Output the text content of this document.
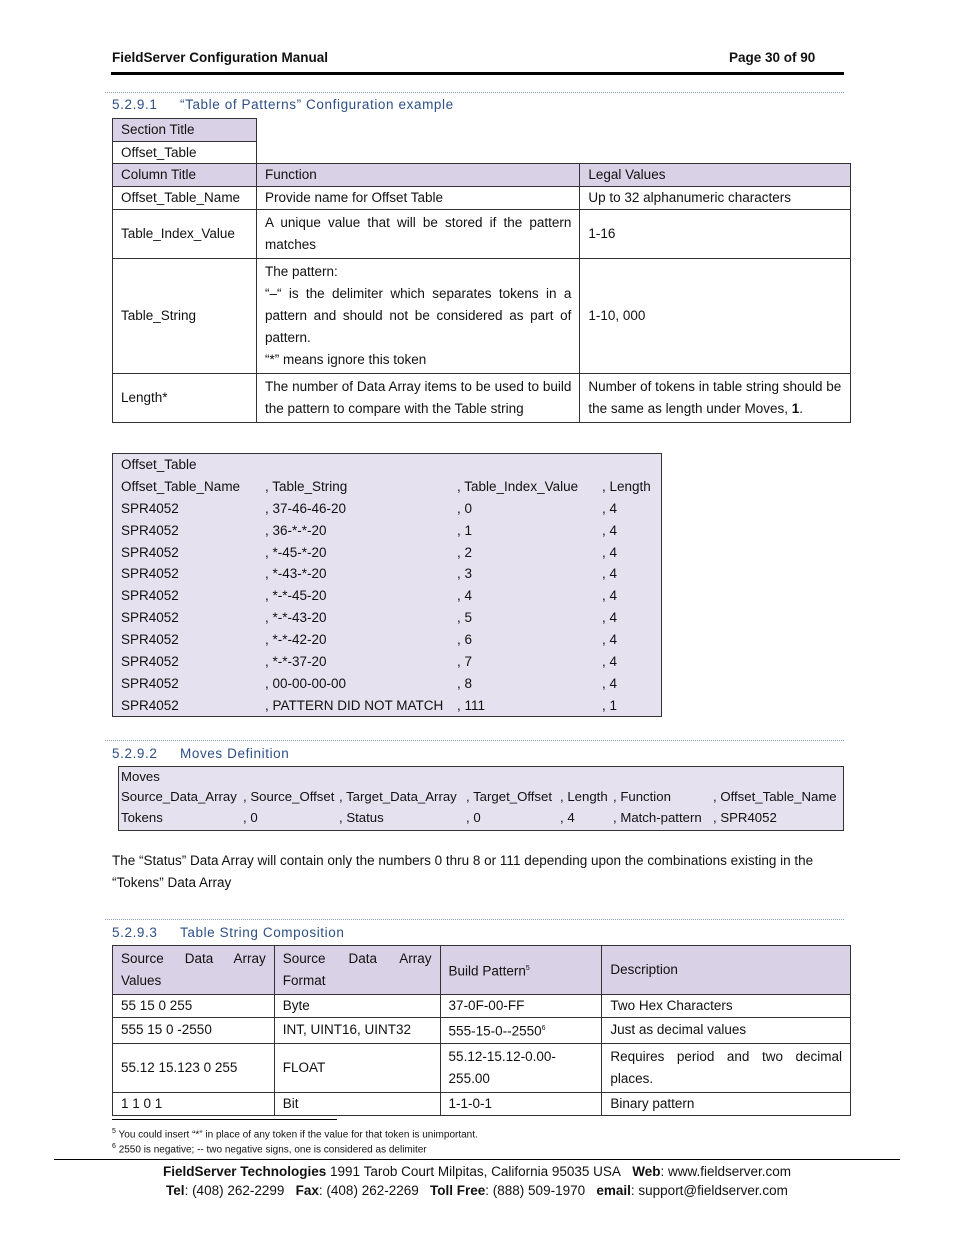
FieldServer Configuration Manual	Page 30 of 90
5.2.9.1 “Table of Patterns” Configuration example
Section Title
Offset_Table
Column Title	Function	Legal Values
Offset_Table_Name	Provide name for Offset Table	Up to 32 alphanumeric characters
Table_Index_Value	A unique value that will be stored if the pattern matches	1-16
Table_String	The pattern:
“–“ is the delimiter which separates tokens in a pattern and should not be considered as part of pattern.
“*” means ignore this token	1-10, 000
Length*	The number of Data Array items to be used to build the pattern to compare with the Table string	Number of tokens in table string should be the same as length under Moves, 1.
Offset_Table
Offset_Table_Name	, Table_String	, Table_Index_Value	, Length
SPR4052	, 37-46-46-20	, 0	, 4
SPR4052	, 36-*-*-20	, 1	, 4
SPR4052	, *-45-*-20	, 2	, 4
SPR4052	, *-43-*-20	, 3	, 4
SPR4052	, *-*-45-20	, 4	, 4
SPR4052	, *-*-43-20	, 5	, 4
SPR4052	, *-*-42-20	, 6	, 4
SPR4052	, *-*-37-20	, 7	, 4
SPR4052	, 00-00-00-00	, 8	, 4
SPR4052	, PATTERN DID NOT MATCH	, 111	, 1
5.2.9.2 Moves Definition
Moves
Source_Data_Array , Source_Offset , Target_Data_Array , Target_Offset , Length , Function	, Offset_Table_Name
Tokens	, 0	, Status	, 0	, 4	, Match-pattern , SPR4052
The “Status” Data Array will contain only the numbers 0 thru 8 or 111 depending upon the combinations existing in the “Tokens” Data Array
5.2.9.3 Table String Composition
Source Data Array Values	Source Data Array Format	Build Pattern$^5$	Description
55 15 0 255	Byte	37-0F-00-FF	Two Hex Characters
555 15 0 -2550	INT, UINT16, UINT32	555-15-0--2550$^6$	Just as decimal values
55.12 15.123 0 255	FLOAT	55.12-15.12-0.00-255.00	Requires period and two decimal places.
1 1 0 1	Bit	1-1-0-1	Binary pattern
$^5$ You could insert “*” in place of any token if the value for that token is unimportant.
$^6$ 2550 is negative; -- two negative signs, one is considered as delimiter
FieldServer Technologies 1991 Tarob Court Milpitas, California 95035 USA Web: www.fieldserver.com
Tel: (408) 262-2299 Fax: (408) 262-2269 Toll Free: (888) 509-1970 email: support@fieldserver.com
